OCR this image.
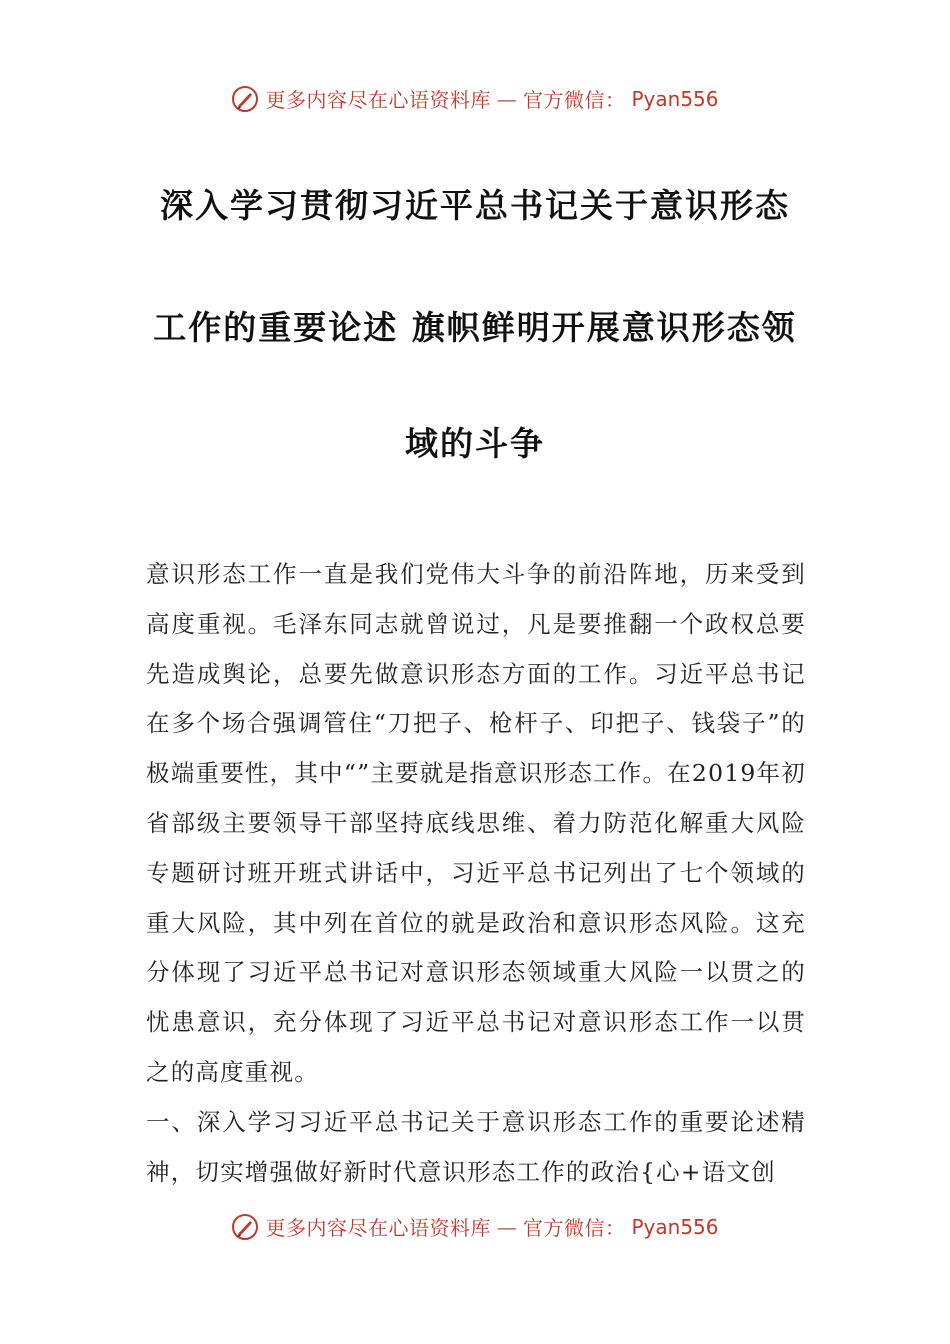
更多内容尽在心语资料库 — 官方微信： Pyan556
深入学习贯彻习近平总书记关于意识形态
工作的重要论述 旗帜鲜明开展意识形态领
域的斗争

意识形态工作一直是我们党伟大斗争的前沿阵地，历来受到高度重视。毛泽东同志就曾说过，凡是要推翻一个政权总要先造成舆论，总要先做意识形态方面的工作。习近平总书记在多个场合强调管住“刀把子、枪杆子、印把子、钱袋子”的极端重要性，其中“”主要就是指意识形态工作。在2019年初省部级主要领导干部坚持底线思维、着力防范化解重大风险专题研讨班开班式讲话中，习近平总书记列出了七个领域的重大风险，其中列在首位的就是政治和意识形态风险。这充分体现了习近平总书记对意识形态领域重大风险一以贯之的忧患意识，充分体现了习近平总书记对意识形态工作一以贯之的高度重视。

一、深入学习习近平总书记关于意识形态工作的重要论述精神，切实增强做好新时代意识形态工作的政治{心+语文创

更多内容尽在心语资料库 — 官方微信： Pyan556
